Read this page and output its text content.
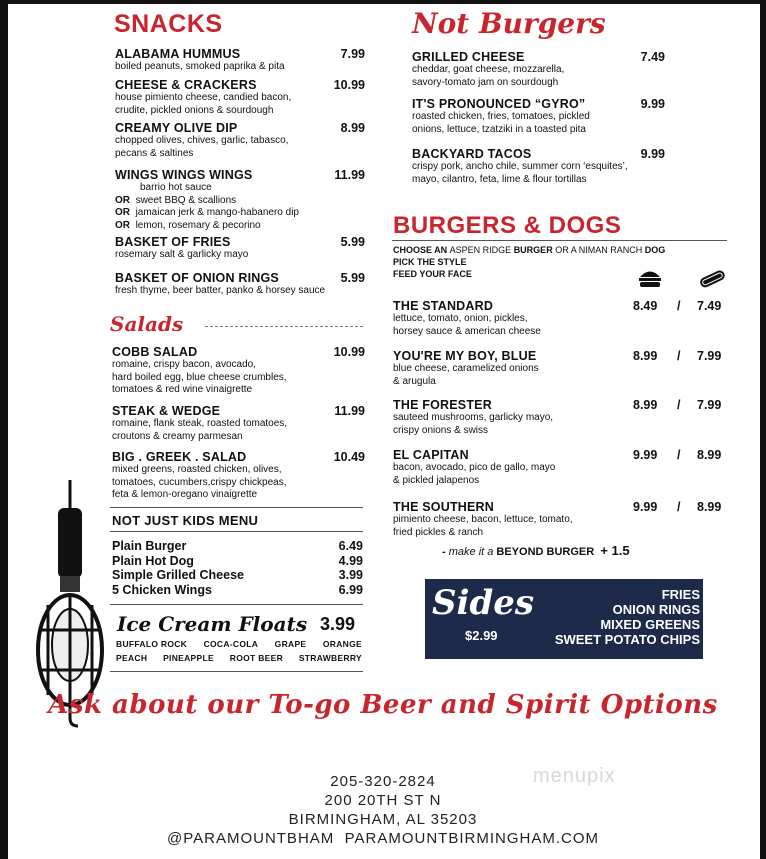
SNACKS
ALABAMA HUMMUS	7.99
boiled peanuts, smoked paprika & pita
CHEESE & CRACKERS	10.99
house pimiento cheese, candied bacon,
crudite, pickled onions & sourdough
CREAMY OLIVE DIP	8.99
chopped olives, chives, garlic, tabasco,
pecans & saltines
WINGS WINGS WINGS	11.99
barrio hot sauce
OR sweet BBQ & scallions
OR jamaican jerk & mango-habanero dip
OR lemon, rosemary & pecorino
BASKET OF FRIES	5.99
rosemary salt & garlicky mayo
BASKET OF ONION RINGS	5.99
fresh thyme, beer batter, panko & horsey sauce
Salads
COBB SALAD	10.99
romaine, crispy bacon, avocado,
hard boiled egg, blue cheese crumbles,
tomatoes & red wine vinaigrette
STEAK & WEDGE	11.99
romaine, flank steak, roasted tomatoes,
croutons & creamy parmesan
BIG . GREEK . SALAD	10.49
mixed greens, roasted chicken, olives,
tomatoes, cucumbers,crispy chickpeas,
feta & lemon-oregano vinaigrette
NOT JUST KIDS MENU
Plain Burger	6.49
Plain Hot Dog	4.99
Simple Grilled Cheese	3.99
5 Chicken Wings	6.99
Ice Cream Floats 3.99
BUFFALO ROCK COCA-COLA GRAPE ORANGE
PEACH PINEAPPLE ROOT BEER STRAWBERRY
Not Burgers
GRILLED CHEESE	7.49
cheddar, goat cheese, mozzarella,
savory-tomato jam on sourdough
IT'S PRONOUNCED “GYRO”	9.99
roasted chicken, fries, tomatoes, pickled
onions, lettuce, tzatziki in a toasted pita
BACKYARD TACOS	9.99
crispy pork, ancho chile, summer corn ‘esquites’,
mayo, cilantro, feta, lime & flour tortillas
BURGERS & DOGS
CHOOSE AN ASPEN RIDGE BURGER OR A NIMAN RANCH DOG
PICK THE STYLE
FEED YOUR FACE
THE STANDARD	8.49 / 7.49
lettuce, tomato, onion, pickles,
horsey sauce & american cheese
YOU'RE MY BOY, BLUE	8.99 / 7.99
blue cheese, caramelized onions
& arugula
THE FORESTER	8.99 / 7.99
sauteed mushrooms, garlicky mayo,
crispy onions & swiss
EL CAPITAN	9.99 / 8.99
bacon, avocado, pico de gallo, mayo
& pickled jalapenos
THE SOUTHERN	9.99 / 8.99
pimiento cheese, bacon, lettuce, tomato,
fried pickles & ranch
- make it a BEYOND BURGER + 1.5
Sides
$2.99
FRIES
ONION RINGS
MIXED GREENS
SWEET POTATO CHIPS
Ask about our To-go Beer and Spirit Options
menupix
205-320-2824
200 20TH ST N
BIRMINGHAM, AL 35203
@PARAMOUNTBHAM  PARAMOUNTBIRMINGHAM.COM
